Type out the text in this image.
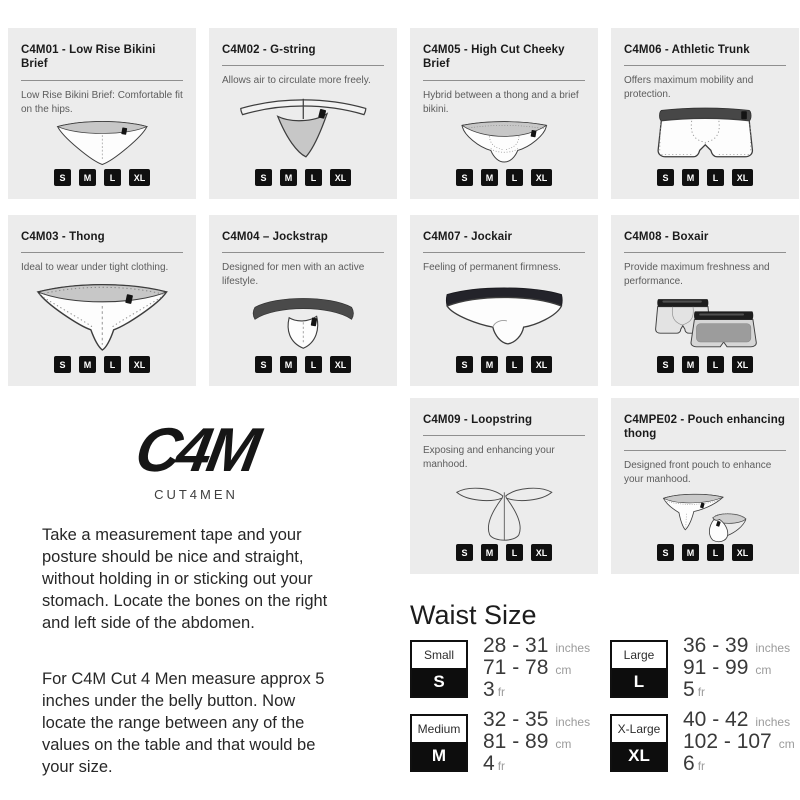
C4M01 - Low Rise Bikini Brief

Low Rise Bikini Brief: Comfortable fit on the hips.

S	M	L	XL
C4M02 - G-string

Allows air to circulate more freely.

S	M	L	XL
C4M05 - High Cut Cheeky Brief

Hybrid between a thong and a brief bikini.

S	M	L	XL
C4M06 - Athletic Trunk

Offers maximum mobility and protection.

S	M	L	XL
C4M03 - Thong

Ideal to wear under tight clothing.

S	M	L	XL
C4M04 – Jockstrap

Designed for men with an active lifestyle.

S	M	L	XL
C4M07 - Jockair

Feeling of permanent firmness.

S	M	L	XL
C4M08 - Boxair

Provide maximum freshness and performance.

S	M	L	XL
C4M09 - Loopstring

Exposing and enhancing your manhood.

S	M	L	XL
C4MPE02 - Pouch enhancing thong

Designed front pouch to enhance your manhood.

S	M	L	XL
C4M
CUT4MEN

Take a measurement tape and your posture should be nice and straight, without holding in or sticking out your stomach. Locate the bones on the right and left side of the abdomen.

For C4M Cut 4 Men measure approx 5 inches under the belly button. Now locate the range between any of the values on the table and that would be your size.

Waist Size
Small
S
28 - 31 inches
71 - 78 cm
3 fr
Medium
M
32 - 35 inches
81 - 89 cm
4 fr
Large
L
36 - 39 inches
91 - 99 cm
5 fr
X-Large
XL
40 - 42 inches
102 - 107 cm
6 fr
